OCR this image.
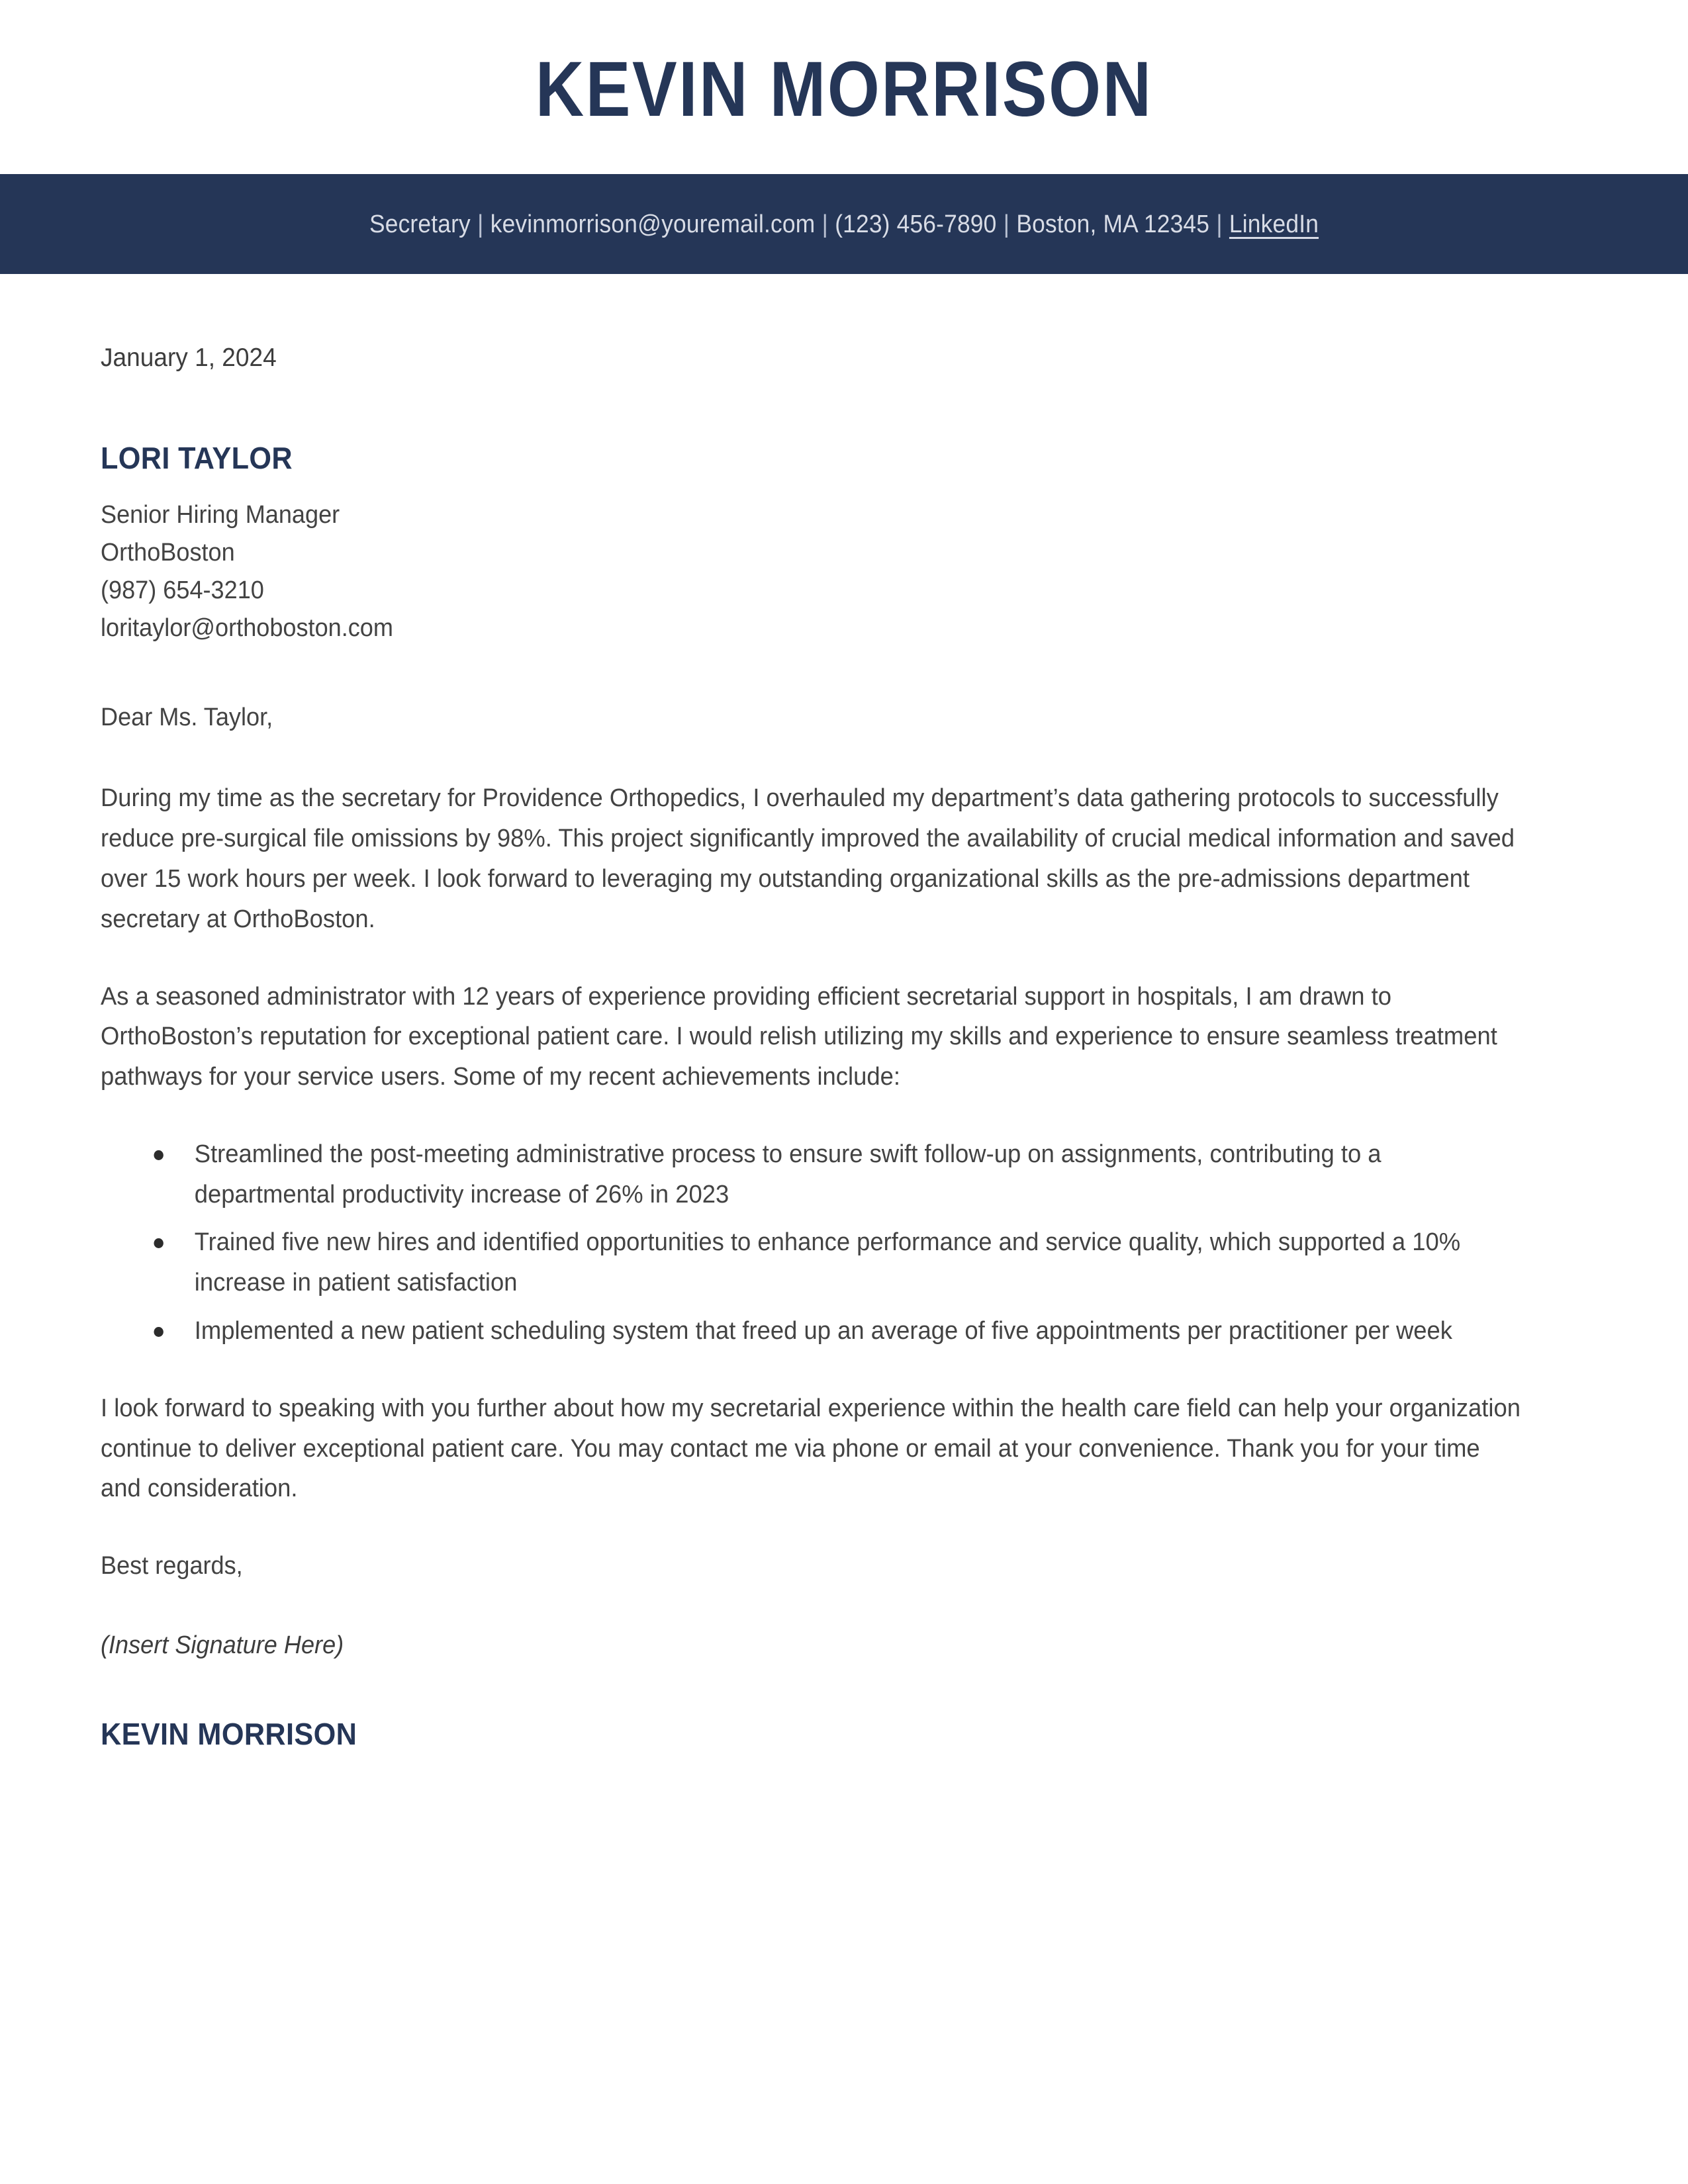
KEVIN MORRISON
Secretary | kevinmorrison@youremail.com | (123) 456-7890 | Boston, MA 12345 | LinkedIn
January 1, 2024
LORI TAYLOR
Senior Hiring Manager
OrthoBoston
(987) 654-3210
loritaylor@orthoboston.com
Dear Ms. Taylor,

During my time as the secretary for Providence Orthopedics, I overhauled my department’s data gathering protocols to successfully reduce pre-surgical file omissions by 98%. This project significantly improved the availability of crucial medical information and saved over 15 work hours per week. I look forward to leveraging my outstanding organizational skills as the pre-admissions department secretary at OrthoBoston.

As a seasoned administrator with 12 years of experience providing efficient secretarial support in hospitals, I am drawn to OrthoBoston’s reputation for exceptional patient care. I would relish utilizing my skills and experience to ensure seamless treatment pathways for your service users. Some of my recent achievements include:

Streamlined the post-meeting administrative process to ensure swift follow-up on assignments, contributing to a departmental productivity increase of 26% in 2023
Trained five new hires and identified opportunities to enhance performance and service quality, which supported a 10% increase in patient satisfaction
Implemented a new patient scheduling system that freed up an average of five appointments per practitioner per week

I look forward to speaking with you further about how my secretarial experience within the health care field can help your organization continue to deliver exceptional patient care. You may contact me via phone or email at your convenience. Thank you for your time and consideration.

Best regards,
(Insert Signature Here)
KEVIN MORRISON
